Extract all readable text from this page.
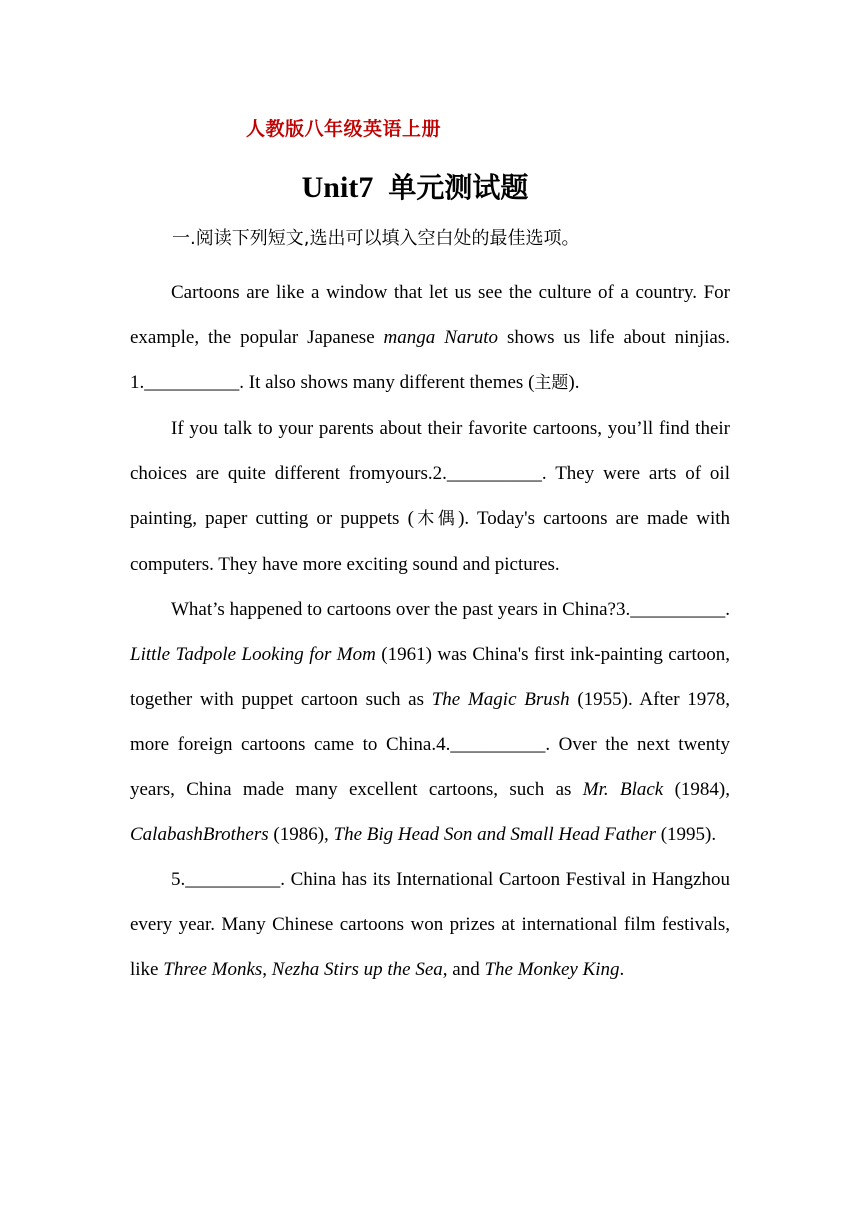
人教版八年级英语上册
Unit7 单元测试题
一.阅读下列短文,选出可以填入空白处的最佳选项。

Cartoons are like a window that let us see the culture of a country. For example, the popular Japanese manga Naruto shows us life about ninjias. 1.__________. It also shows many different themes (主题).

If you talk to your parents about their favorite cartoons, you’ll find their choices are quite different fromyours.2.__________. They were arts of oil painting, paper cutting or puppets (木偶). Today's cartoons are made with computers. They have more exciting sound and pictures.

What’s happened to cartoons over the past years in China?3.__________. Little Tadpole Looking for Mom (1961) was China's first ink-painting cartoon, together with puppet cartoon such as The Magic Brush (1955). After 1978, more foreign cartoons came to China.4.__________. Over the next twenty years, China made many excellent cartoons, such as Mr. Black (1984), CalabashBrothers (1986), The Big Head Son and Small Head Father (1995).

5.__________. China has its International Cartoon Festival in Hangzhou every year. Many Chinese cartoons won prizes at international film festivals, like Three Monks, Nezha Stirs up the Sea, and The Monkey King.
